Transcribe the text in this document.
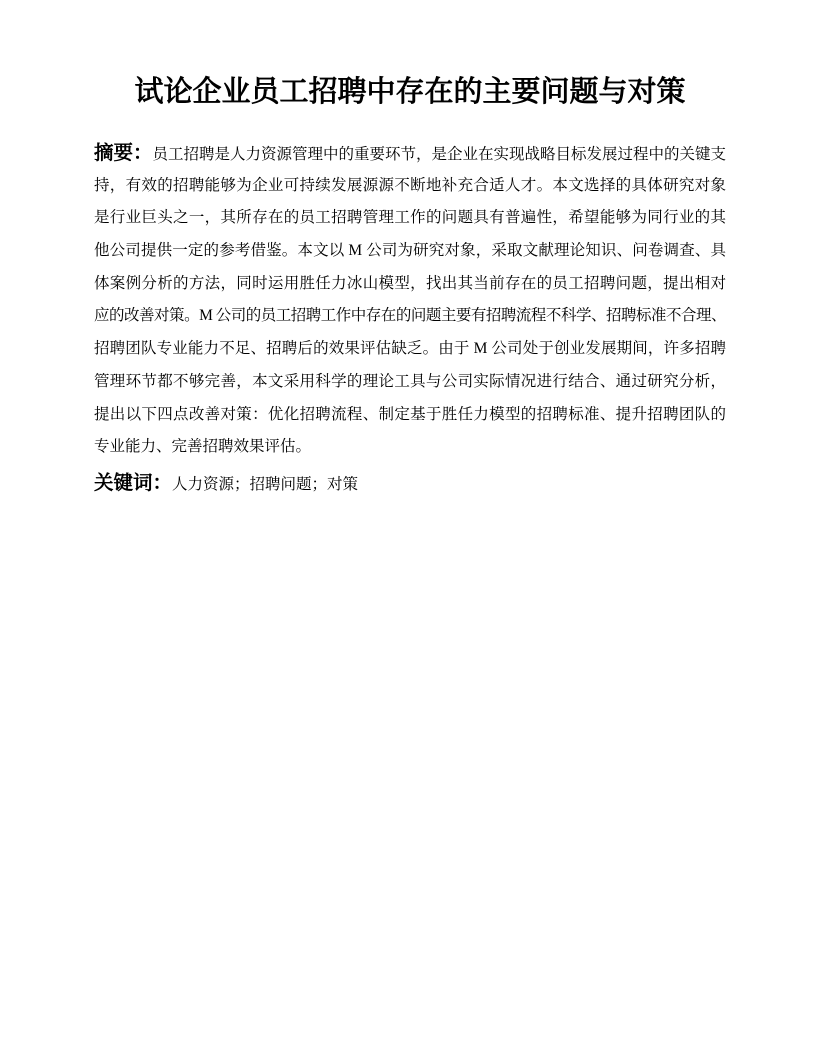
试论企业员工招聘中存在的主要问题与对策
摘要：员工招聘是人力资源管理中的重要环节，是企业在实现战略目标发展过程中的关键支
持，有效的招聘能够为企业可持续发展源源不断地补充合适人才。本文选择的具体研究对象
是行业巨头之一，其所存在的员工招聘管理工作的问题具有普遍性，希望能够为同行业的其
他公司提供一定的参考借鉴。本文以 M 公司为研究对象，采取文献理论知识、问卷调查、具
体案例分析的方法，同时运用胜任力冰山模型，找出其当前存在的员工招聘问题，提出相对
应的改善对策。M 公司的员工招聘工作中存在的问题主要有招聘流程不科学、招聘标准不合理、
招聘团队专业能力不足、招聘后的效果评估缺乏。由于 M 公司处于创业发展期间，许多招聘
管理环节都不够完善，本文采用科学的理论工具与公司实际情况进行结合、通过研究分析，
提出以下四点改善对策：优化招聘流程、制定基于胜任力模型的招聘标准、提升招聘团队的
专业能力、完善招聘效果评估。
关键词：人力资源；招聘问题；对策
